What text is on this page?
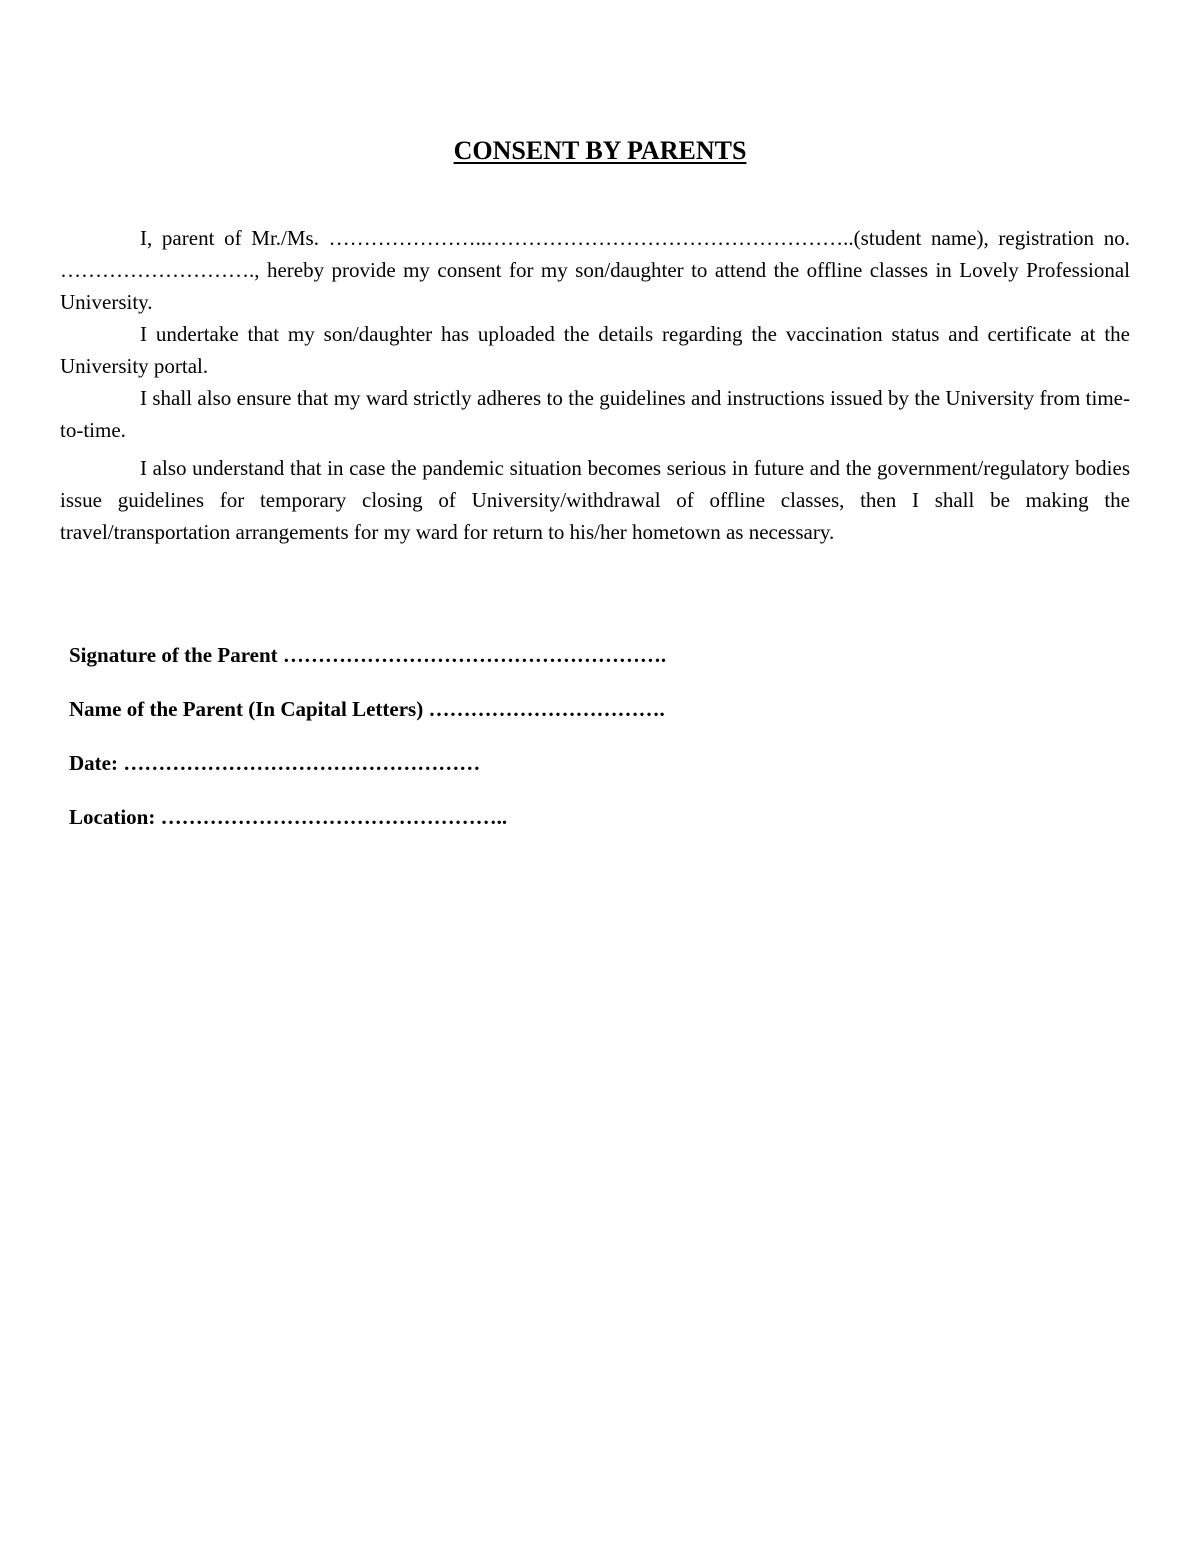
CONSENT BY PARENTS

I, parent of Mr./Ms. …………………..……………………………………………..(student name), registration no. ………………………., hereby provide my consent for my son/daughter to attend the offline classes in Lovely Professional University.

I undertake that my son/daughter has uploaded the details regarding the vaccination status and certificate at the University portal.

I shall also ensure that my ward strictly adheres to the guidelines and instructions issued by the University from time-to-time.

I also understand that in case the pandemic situation becomes serious in future and the government/regulatory bodies issue guidelines for temporary closing of University/withdrawal of offline classes, then I shall be making the travel/transportation arrangements for my ward for return to his/her hometown as necessary.

Signature of the Parent ……………………………………………….
Name of the Parent (In Capital Letters) …………………………….
Date: ……………………………………………
Location: …………………………………………..
